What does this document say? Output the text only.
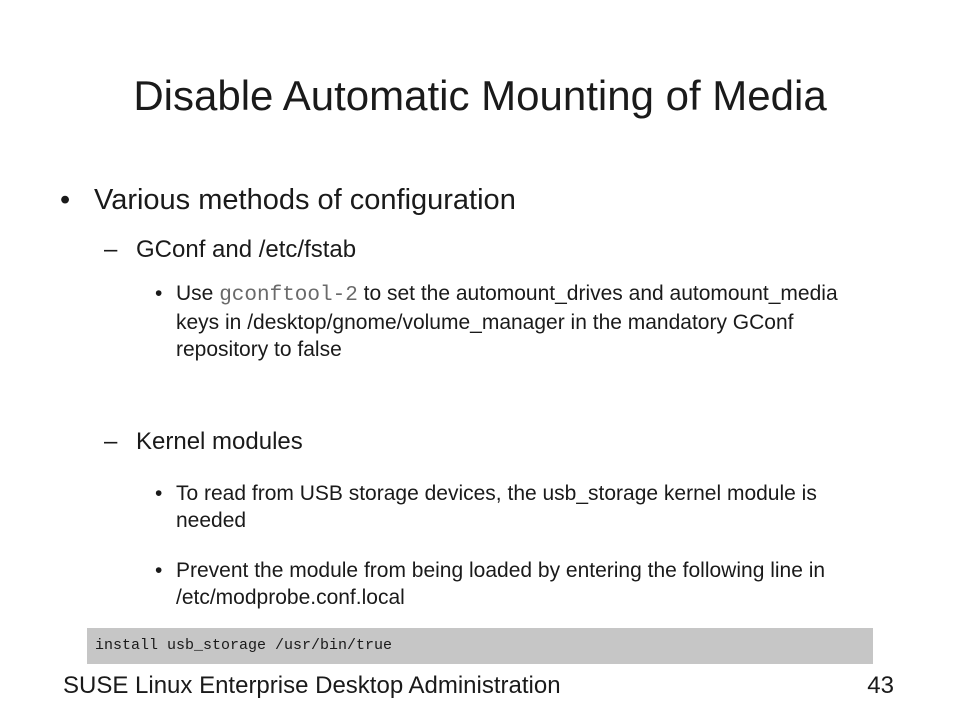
Disable Automatic Mounting of Media
• Various methods of configuration
– GConf and /etc/fstab
• Use gconftool-2 to set the automount_drives and automount_media keys in /desktop/gnome/volume_manager in the mandatory GConf repository to false
– Kernel modules
• To read from USB storage devices, the usb_storage kernel module is needed
• Prevent the module from being loaded by entering the following line in /etc/modprobe.conf.local
install usb_storage /usr/bin/true
SUSE Linux Enterprise Desktop Administration	43
